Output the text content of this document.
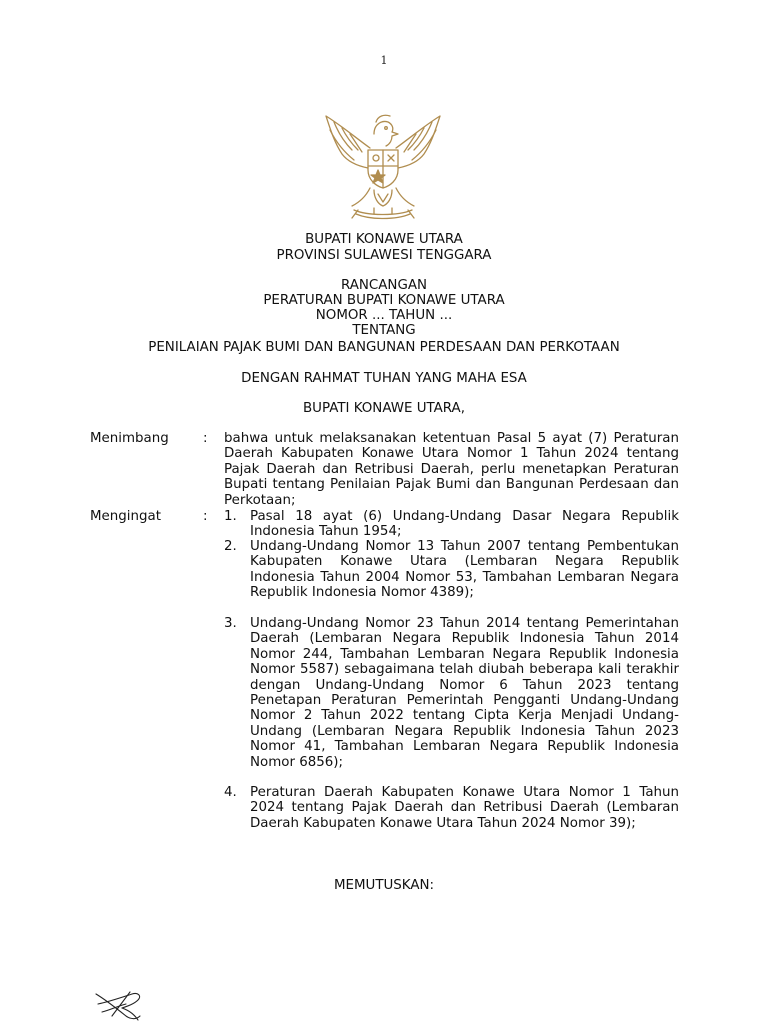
1
BUPATI KONAWE UTARA
PROVINSI SULAWESI TENGGARA
RANCANGAN
PERATURAN BUPATI KONAWE UTARA
NOMOR ... TAHUN ...
TENTANG
PENILAIAN PAJAK BUMI DAN BANGUNAN PERDESAAN DAN PERKOTAAN
DENGAN RAHMAT TUHAN YANG MAHA ESA
BUPATI KONAWE UTARA,
Menimbang	: bahwa untuk melaksanakan ketentuan Pasal 5 ayat (7) Peraturan Daerah Kabupaten Konawe Utara Nomor 1 Tahun 2024 tentang Pajak Daerah dan Retribusi Daerah, perlu menetapkan Peraturan Bupati tentang Penilaian Pajak Bumi dan Bangunan Perdesaan dan Perkotaan;
Mengingat	: 1. Pasal 18 ayat (6) Undang-Undang Dasar Negara Republik Indonesia Tahun 1954;
2. Undang-Undang Nomor 13 Tahun 2007 tentang Pembentukan Kabupaten Konawe Utara (Lembaran Negara Republik Indonesia Tahun 2004 Nomor 53, Tambahan Lembaran Negara Republik Indonesia Nomor 4389);
3. Undang-Undang Nomor 23 Tahun 2014 tentang Pemerintahan Daerah (Lembaran Negara Republik Indonesia Tahun 2014 Nomor 244, Tambahan Lembaran Negara Republik Indonesia Nomor 5587) sebagaimana telah diubah beberapa kali terakhir dengan Undang-Undang Nomor 6 Tahun 2023 tentang Penetapan Peraturan Pemerintah Pengganti Undang-Undang Nomor 2 Tahun 2022 tentang Cipta Kerja Menjadi Undang-Undang (Lembaran Negara Republik Indonesia Tahun 2023 Nomor 41, Tambahan Lembaran Negara Republik Indonesia Nomor 6856);
4. Peraturan Daerah Kabupaten Konawe Utara Nomor 1 Tahun 2024 tentang Pajak Daerah dan Retribusi Daerah (Lembaran Daerah Kabupaten Konawe Utara Tahun 2024 Nomor 39);
MEMUTUSKAN:
